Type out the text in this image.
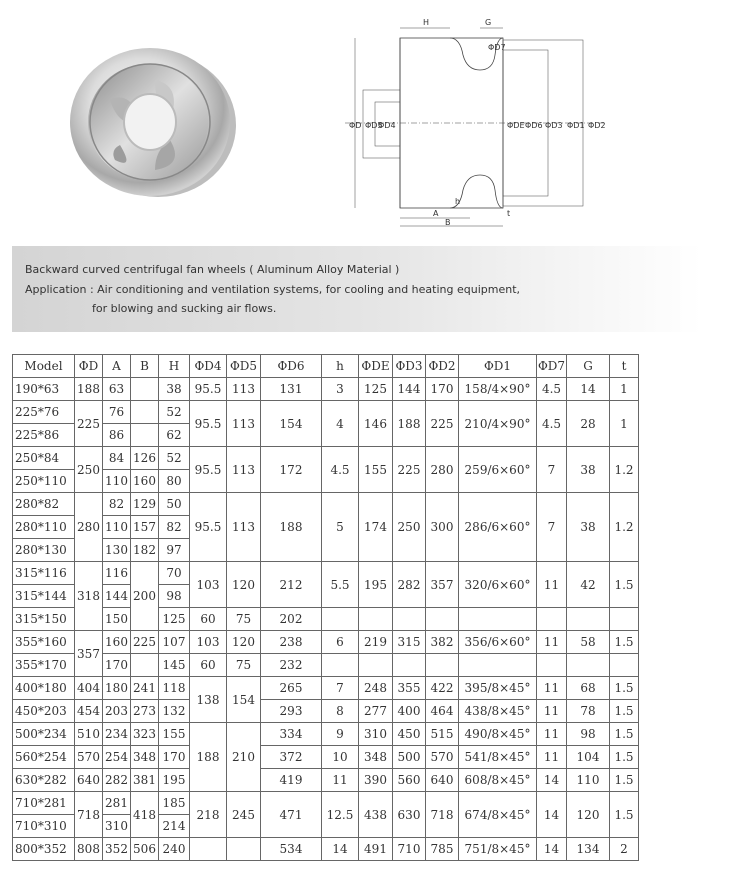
H	G
ΦD7
ΦD ΦD5
ΦD4	ΦDE ΦD6 ΦD3 ΦD1 ΦD2
h
A
B
t
Backward curved centrifugal fan wheels ( Aluminum Alloy Material )
Application : Air conditioning and ventilation systems, for cooling and heating equipment,
for blowing and sucking air flows.
Model	ΦD	A	B	H	ΦD4	ΦD5	ΦD6	h	ΦDE	ΦD3	ΦD2	ΦD1	ΦD7	G	t
190*63	188	63		38	95.5	113	131	3	125	144	170	158/4×90°	4.5	14	1
225*76	225	76		52	95.5	113	154	4	146	188	225	210/4×90°	4.5	28	1
225*86		86		62											
250*84	250	84	126	52	95.5	113	172	4.5	155	225	280	259/6×60°	7	38	1.2
250*110		110	160	80											
280*82	280	82	129	50	95.5	113	188	5	174	250	300	286/6×60°	7	38	1.2
280*110		110	157	82											
280*130		130	182	97											
315*116	318	116	200	70	103	120	212	5.5	195	282	357	320/6×60°	11	42	1.5
315*144		144		98											
315*150		150		125	60	75	202								
355*160	357	160	225	107	103	120	238	6	219	315	382	356/6×60°	11	58	1.5
355*170		170		145	60	75	232								
400*180	404	180	241	118	138	154	265	7	248	355	422	395/8×45°	11	68	1.5
450*203	454	203	273	132			293	8	277	400	464	438/8×45°	11	78	1.5
500*234	510	234	323	155	188	210	334	9	310	450	515	490/8×45°	11	98	1.5
560*254	570	254	348	170			372	10	348	500	570	541/8×45°	11	104	1.5
630*282	640	282	381	195			419	11	390	560	640	608/8×45°	14	110	1.5
710*281	718	281	418	185	218	245	471	12.5	438	630	718	674/8×45°	14	120	1.5
710*310		310		214											
800*352	808	352	506	240			534	14	491	710	785	751/8×45°	14	134	2
